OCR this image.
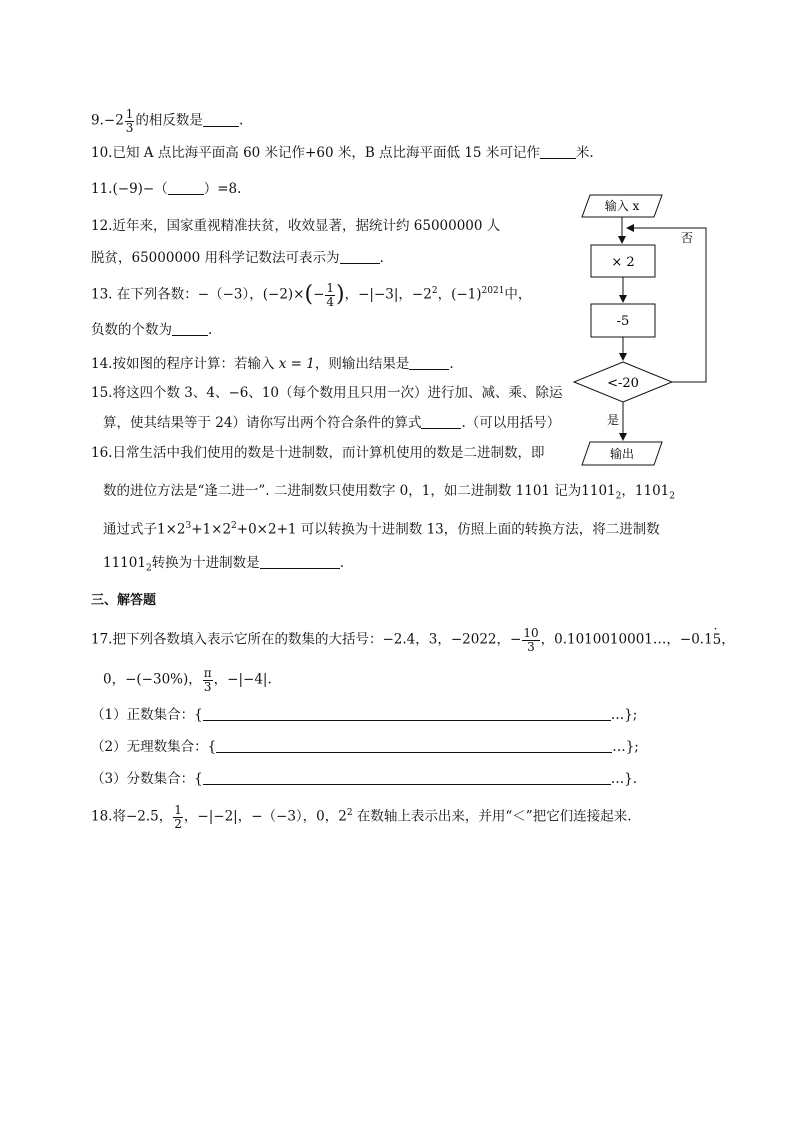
$9.-2 \frac{1}{3}$ 的相反数是	.
10.已知 A 点比海平面高 60 米记作+60 米，B 点比海平面低 15 米可记作	米.
11.(−9)−（	）=8.
12.近年来，国家重视精准扶贫，收效显著，据统计约 65000000 人
脱贫，65000000 用科学记数法可表示为	.
13. 在下列各数：−（−3），$(-2)\times(- \frac{1}{4}$ )，−|−3|，$-2^2$，$(-1)^{2021}$中，
负数的个数为	.
14.按如图的程序计算：若输入 x = 1，则输出结果是	.
15.将这四个数 3、4、−6、10（每个数用且只用一次）进行加、减、乘、除运
算，使其结果等于 24）请你写出两个符合条件的算式	.（可以用括号）
16.日常生活中我们使用的数是十进制数，而计算机使用的数是二进制数，即
数的进位方法是“逢二进一”. 二进制数只使用数字 0，1，如二进制数 1101 记为$1101_2$，$1101_2$
通过式子$1\times 2^3+1\times 2^2+0\times 2+1$ 可以转换为十进制数 13，仿照上面的转换方法，将二进制数
$11101_2$转换为十进制数是	.
三、解答题
17.把下列各数填入表示它所在的数集的大括号：−2.4，3，−2022，− $\frac{10}{3}$ ，0.1010010001…，−0.1· 5，
0，−(−30%)， $\frac{\pi}{3}$ ，−|−4|.
（1）正数集合：{	…};
（2）无理数集合：{	…};
（3）分数集合：{	…}.
18.将−2.5， $\frac{1}{2}$ ，−|−2|，−（−3），0，$2^2$ 在数轴上表示出来，并用“＜”把它们连接起来.
输入 x
× 2
-5
<-20
否
是
输出
